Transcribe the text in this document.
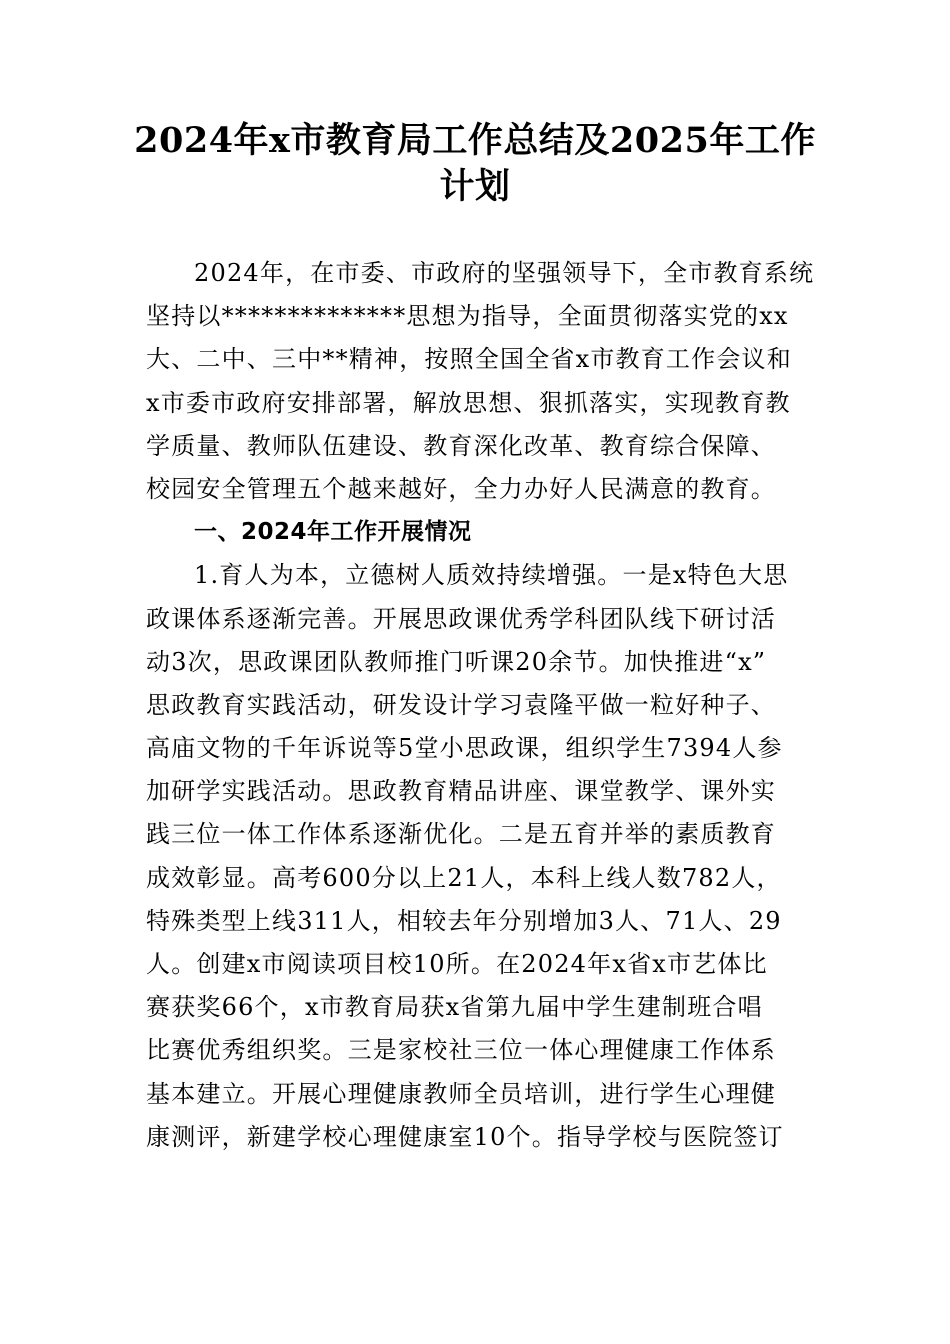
2024年x市教育局工作总结及2025年工作
计划
2024年，在市委、市政府的坚强领导下，全市教育系统
坚持以**************思想为指导，全面贯彻落实党的xx
大、二中、三中**精神，按照全国全省x市教育工作会议和
x市委市政府安排部署，解放思想、狠抓落实，实现教育教
学质量、教师队伍建设、教育深化改革、教育综合保障、
校园安全管理五个越来越好，全力办好人民满意的教育。
一、2024年工作开展情况
1.育人为本，立德树人质效持续增强。一是x特色大思
政课体系逐渐完善。开展思政课优秀学科团队线下研讨活
动3次，思政课团队教师推门听课20余节。加快推进“x”
思政教育实践活动，研发设计学习袁隆平做一粒好种子、
高庙文物的千年诉说等5堂小思政课，组织学生7394人参
加研学实践活动。思政教育精品讲座、课堂教学、课外实
践三位一体工作体系逐渐优化。二是五育并举的素质教育
成效彰显。高考600分以上21人，本科上线人数782人，
特殊类型上线311人，相较去年分别增加3人、71人、29
人。创建x市阅读项目校10所。在2024年x省x市艺体比
赛获奖66个，x市教育局获x省第九届中学生建制班合唱
比赛优秀组织奖。三是家校社三位一体心理健康工作体系
基本建立。开展心理健康教师全员培训，进行学生心理健
康测评，新建学校心理健康室10个。指导学校与医院签订
